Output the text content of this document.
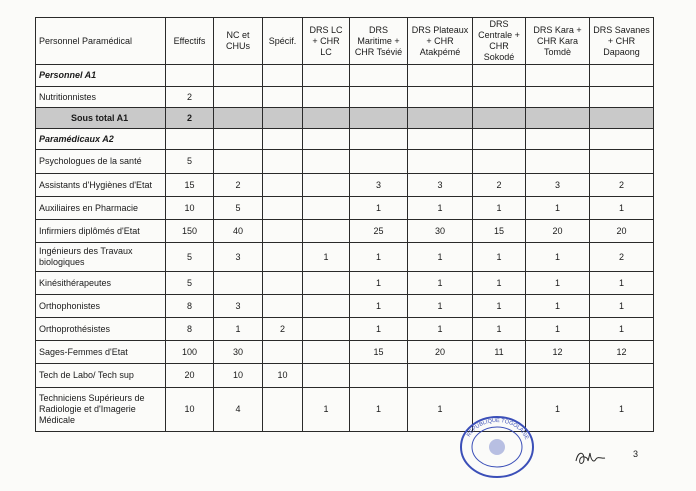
Personnel Paramédical	Effectifs	NC et CHUs	Spécif.	DRS LC + CHR LC	DRS Maritime + CHR Tsévié	DRS Plateaux + CHR Atakpémé	DRS Centrale + CHR Sokodé	DRS Kara + CHR Kara Tomdè	DRS Savanes + CHR Dapaong
Personnel A1									
Nutritionnistes	2								
Sous total A1	2								
Paramédicaux A2									
Psychologues de la santé	5								
Assistants d'Hygiènes d'Etat	15	2			3	3	2	3	2
Auxiliaires en Pharmacie	10	5			1	1	1	1	1
Infirmiers diplômés d'Etat	150	40			25	30	15	20	20
Ingénieurs des Travaux biologiques	5	3		1	1	1	1	1	2
Kinésithérapeutes	5				1	1	1	1	1
Orthophonistes	8	3			1	1	1	1	1
Orthoprothésistes	8	1	2		1	1	1	1	1
Sages-Femmes d'Etat	100	30			15	20	11	12	12
Tech de Labo/ Tech sup	20	10	10						
Techniciens Supérieurs de Radiologie et d'Imagerie Médicale	10	4		1	1	1		1	1
REPUBLIQUE TOGOLAISE
3
